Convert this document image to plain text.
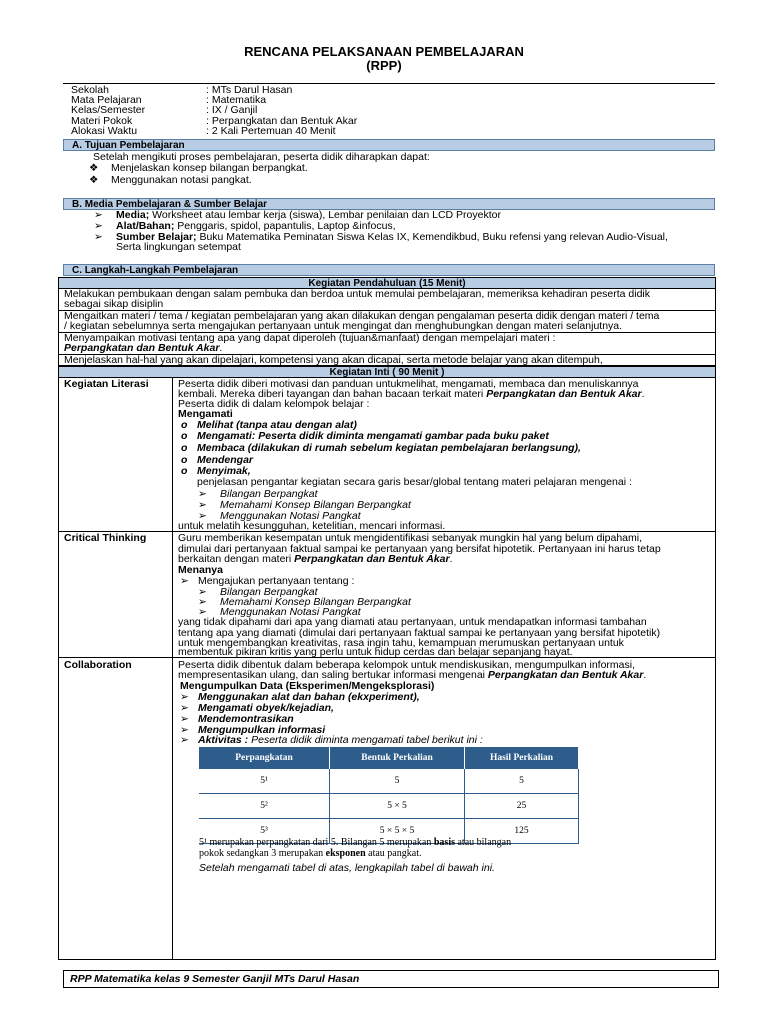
RENCANA PELAKSANAAN PEMBELAJARAN
(RPP)
Sekolah	: MTs Darul Hasan
Mata Pelajaran	: Matematika
Kelas/Semester	: IX / Ganjil
Materi Pokok	: Perpangkatan dan Bentuk Akar
Alokasi Waktu	: 2 Kali Pertemuan 40 Menit
A. Tujuan Pembelajaran
Setelah mengikuti proses pembelajaran, peserta didik diharapkan dapat:
❖ Menjelaskan konsep bilangan berpangkat.
❖ Menggunakan notasi pangkat.
B. Media Pembelajaran & Sumber Belajar
➢ Media; Worksheet atau lembar kerja (siswa), Lembar penilaian dan LCD Proyektor
➢ Alat/Bahan; Penggaris, spidol, papantulis, Laptop &infocus,
➢ Sumber Belajar; Buku Matematika Peminatan Siswa Kelas IX, Kemendikbud, Buku refensi yang relevan Audio-Visual,
Serta lingkungan setempat
C. Langkah-Langkah Pembelajaran
Kegiatan Pendahuluan (15 Menit)
Melakukan pembukaan dengan salam pembuka dan berdoa untuk memulai pembelajaran, memeriksa kehadiran peserta didik
sebagai sikap disiplin
Mengaitkan materi / tema / kegiatan pembelajaran yang akan dilakukan dengan pengalaman peserta didik dengan materi / tema
/ kegiatan sebelumnya serta mengajukan pertanyaan untuk mengingat dan menghubungkan dengan materi selanjutnya.
Menyampaikan motivasi tentang apa yang dapat diperoleh (tujuan&manfaat) dengan mempelajari materi :
Perpangkatan dan Bentuk Akar.
Menjelaskan hal-hal yang akan dipelajari, kompetensi yang akan dicapai, serta metode belajar yang akan ditempuh,
Kegiatan Inti ( 90 Menit )
Kegiatan Literasi	Peserta didik diberi motivasi dan panduan untukmelihat, mengamati, membaca dan menuliskannya
kembali. Mereka diberi tayangan dan bahan bacaan terkait materi Perpangkatan dan Bentuk Akar.
Peserta didik di dalam kelompok belajar :
Mengamati
o Melihat (tanpa atau dengan alat)
o Mengamati: Peserta didik diminta mengamati gambar pada buku paket
o Membaca (dilakukan di rumah sebelum kegiatan pembelajaran berlangsung),
o Mendengar
o Menyimak,
penjelasan pengantar kegiatan secara garis besar/global tentang materi pelajaran mengenai :
➢ Bilangan Berpangkat
➢ Memahami Konsep Bilangan Berpangkat
➢ Menggunakan Notasi Pangkat
untuk melatih kesungguhan, ketelitian, mencari informasi.
Critical Thinking	Guru memberikan kesempatan untuk mengidentifikasi sebanyak mungkin hal yang belum dipahami,
dimulai dari pertanyaan faktual sampai ke pertanyaan yang bersifat hipotetik. Pertanyaan ini harus tetap
berkaitan dengan materi Perpangkatan dan Bentuk Akar.
Menanya
➢ Mengajukan pertanyaan tentang :
➢ Bilangan Berpangkat
➢ Memahami Konsep Bilangan Berpangkat
➢ Menggunakan Notasi Pangkat
yang tidak dipahami dari apa yang diamati atau pertanyaan, untuk mendapatkan informasi tambahan
tentang apa yang diamati (dimulai dari pertanyaan faktual sampai ke pertanyaan yang bersifat hipotetik)
untuk mengembangkan kreativitas, rasa ingin tahu, kemampuan merumuskan pertanyaan untuk
membentuk pikiran kritis yang perlu untuk hidup cerdas dan belajar sepanjang hayat.
Collaboration	Peserta didik dibentuk dalam beberapa kelompok untuk mendiskusikan, mengumpulkan informasi,
mempresentasikan ulang, dan saling bertukar informasi mengenai Perpangkatan dan Bentuk Akar.
Mengumpulkan Data (Eksperimen/Mengeksplorasi)
➢ Menggunakan alat dan bahan (ekxperiment),
➢ Mengamati obyek/kejadian,
➢ Mendemontrasikan
➢ Mengumpulkan informasi
➢ Aktivitas : Peserta didik diminta mengamati tabel berikut ini :
Perpangkatan	Bentuk Perkalian	Hasil Perkalian
5¹	5	5
5²	5 × 5	25
5³	5 × 5 × 5	125
5¹ merupakan perpangkatan dari 5. Bilangan 5 merupakan basis atau bilangan
pokok sedangkan 3 merupakan eksponen atau pangkat.
Setelah mengamati tabel di atas, lengkapilah tabel di bawah ini.
RPP Matematika kelas 9 Semester Ganjil MTs Darul Hasan
